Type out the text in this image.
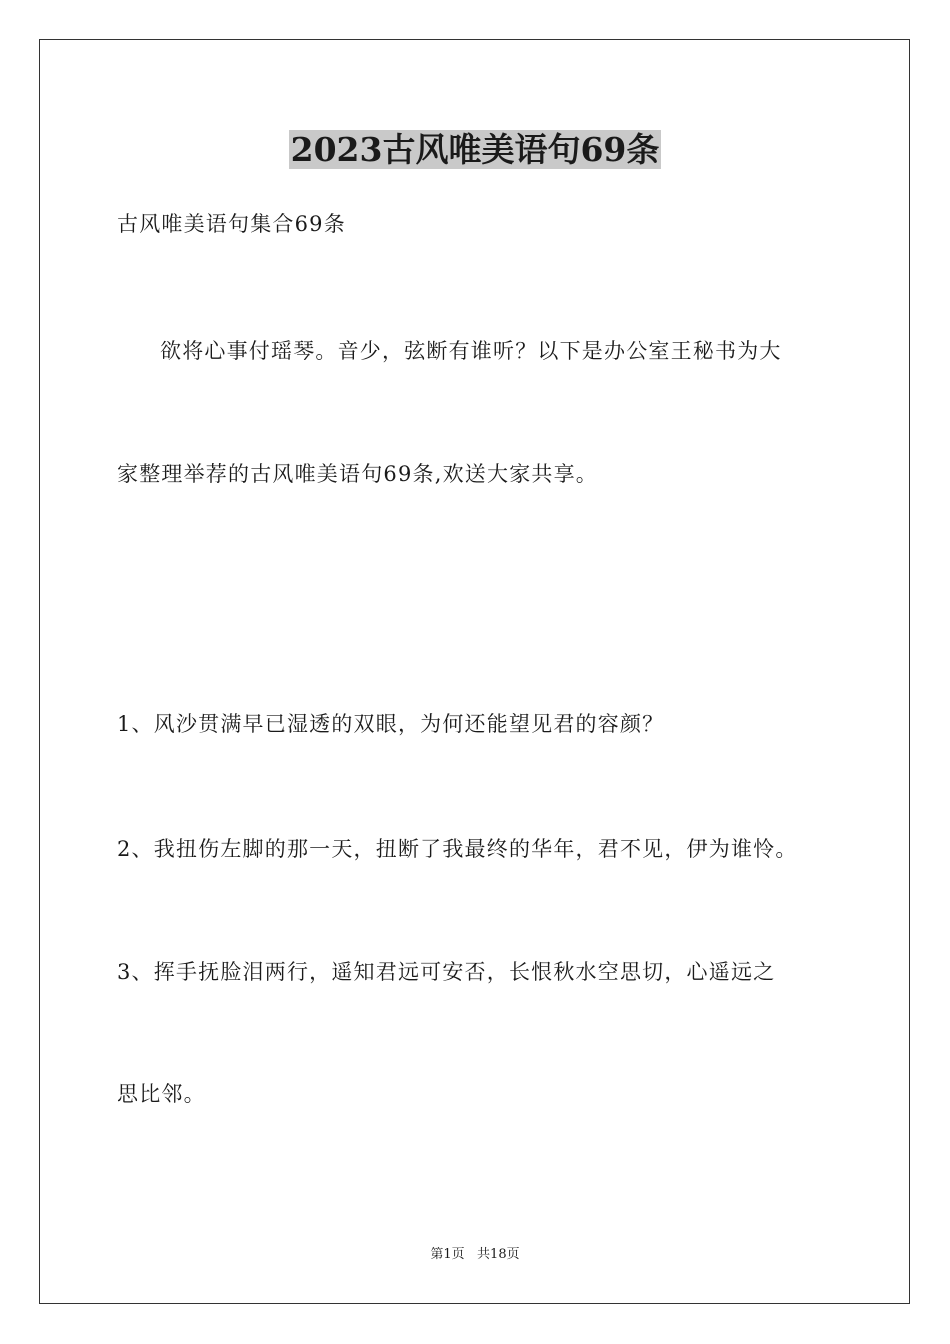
2023古风唯美语句69条
古风唯美语句集合69条
欲将心事付瑶琴。音少，弦断有谁听？以下是办公室王秘书为大
家整理举荐的古风唯美语句69条,欢送大家共享。
1、风沙贯满早已湿透的双眼，为何还能望见君的容颜？
2、我扭伤左脚的那一天，扭断了我最终的华年，君不见，伊为谁怜。
3、挥手抚脸泪两行，遥知君远可安否，长恨秋水空思切，心遥远之
思比邻。
第1页   共18页
